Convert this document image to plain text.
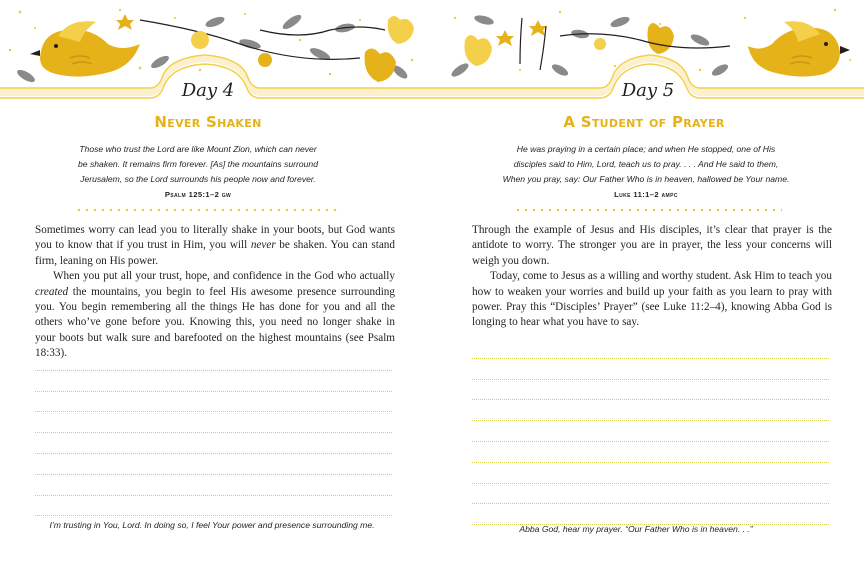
Day 4
Never Shaken
Those who trust the Lord are like Mount Zion, which can never
be shaken. It remains firm forever. [As] the mountains surround
Jerusalem, so the Lord surrounds his people now and forever.
Psalm 125:1–2 gw

Sometimes worry can lead you to literally shake in your boots, but God wants you to know that if you trust in Him, you will never be shaken. You can stand firm, leaning on His power.

When you put all your trust, hope, and confidence in the God who actually created the mountains, you begin to feel His awesome presence surrounding you. You begin remembering all the things He has done for you and all the others who’ve gone before you. Knowing this, you need no longer shake in your boots but walk sure and barefooted on the highest mountains (see Psalm 18:33).

I’m trusting in You, Lord. In doing so, I feel Your power and presence surrounding me.
Day 5
A Student of Prayer
He was praying in a certain place; and when He stopped, one of His
disciples said to Him, Lord, teach us to pray. . . . And He said to them,
When you pray, say: Our Father Who is in heaven, hallowed be Your name.
Luke 11:1–2 ampc

Through the example of Jesus and His disciples, it’s clear that prayer is the antidote to worry. The stronger you are in prayer, the less your concerns will weigh you down.

Today, come to Jesus as a willing and worthy student. Ask Him to teach you how to weaken your worries and build up your faith as you learn to pray with power. Pray this “Disciples’ Prayer” (see Luke 11:2–4), knowing Abba God is longing to hear what you have to say.

Abba God, hear my prayer. “Our Father Who is in heaven. . .”
